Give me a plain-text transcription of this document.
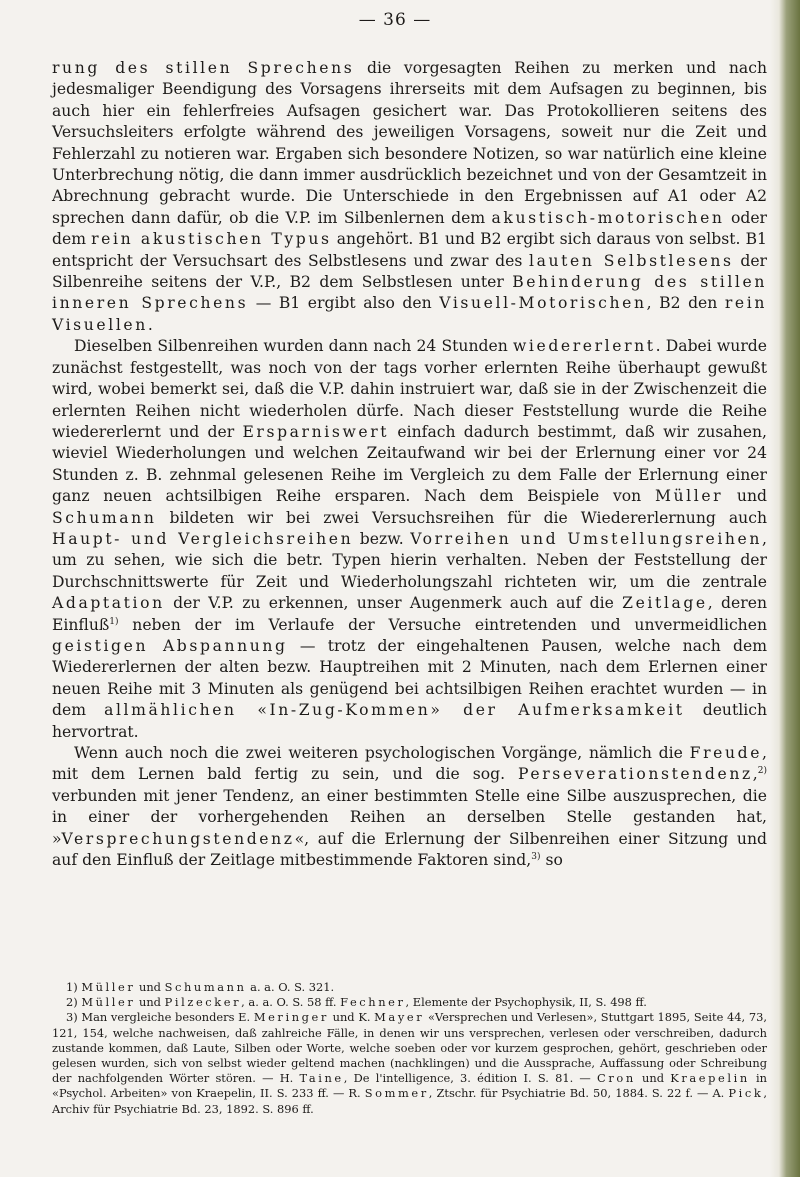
— 36 —

rung des stillen Sprechens die vorgesagten Reihen zu merken und nach jedesmaliger Beendigung des Vorsagens ihrerseits mit dem Aufsagen zu beginnen, bis auch hier ein fehlerfreies Aufsagen gesichert war. Das Protokollieren seitens des Versuchsleiters erfolgte während des jeweiligen Vorsagens, soweit nur die Zeit und Fehlerzahl zu notieren war. Ergaben sich besondere Notizen, so war natürlich eine kleine Unterbrechung nötig, die dann immer ausdrücklich bezeichnet und von der Gesamtzeit in Abrechnung gebracht wurde. Die Unterschiede in den Ergebnissen auf A1 oder A2 sprechen dann dafür, ob die V.P. im Silbenlernen dem akustisch-motorischen oder dem rein akustischen Typus angehört. B1 und B2 ergibt sich daraus von selbst. B1 entspricht der Versuchsart des Selbstlesens und zwar des lauten Selbstlesens der Silbenreihe seitens der V.P., B2 dem Selbstlesen unter Behinderung des stillen inneren Sprechens — B1 ergibt also den Visuell-Motorischen, B2 den rein Visuellen.

Dieselben Silbenreihen wurden dann nach 24 Stunden wiedererlernt. Dabei wurde zunächst festgestellt, was noch von der tags vorher erlernten Reihe überhaupt gewußt wird, wobei bemerkt sei, daß die V.P. dahin instruiert war, daß sie in der Zwischenzeit die erlernten Reihen nicht wiederholen dürfe. Nach dieser Feststellung wurde die Reihe wiedererlernt und der Ersparniswert einfach dadurch bestimmt, daß wir zusahen, wieviel Wiederholungen und welchen Zeitaufwand wir bei der Erlernung einer vor 24 Stunden z. B. zehnmal gelesenen Reihe im Vergleich zu dem Falle der Erlernung einer ganz neuen achtsilbigen Reihe ersparen. Nach dem Beispiele von Müller und Schumann bildeten wir bei zwei Versuchsreihen für die Wiedererlernung auch Haupt- und Vergleichsreihen bezw. Vorreihen und Umstellungsreihen, um zu sehen, wie sich die betr. Typen hierin verhalten. Neben der Feststellung der Durchschnittswerte für Zeit und Wiederholungszahl richteten wir, um die zentrale Adaptation der V.P. zu erkennen, unser Augenmerk auch auf die Zeitlage, deren Einfluß$^{1)}$ neben der im Verlaufe der Versuche eintretenden und unvermeidlichen geistigen Abspannung — trotz der eingehaltenen Pausen, welche nach dem Wiedererlernen der alten bezw. Hauptreihen mit 2 Minuten, nach dem Erlernen einer neuen Reihe mit 3 Minuten als genügend bei achtsilbigen Reihen erachtet wurden — in dem allmählichen «In-Zug-Kommen» der Aufmerksamkeit deutlich hervortrat.

Wenn auch noch die zwei weiteren psychologischen Vorgänge, nämlich die Freude, mit dem Lernen bald fertig zu sein, und die sog. Perseverationstendenz,$^{2)}$ verbunden mit jener Tendenz, an einer bestimmten Stelle eine Silbe auszusprechen, die in einer der vorhergehenden Reihen an derselben Stelle gestanden hat, »Versprechungstendenz«, auf die Erlernung der Silbenreihen einer Sitzung und auf den Einfluß der Zeitlage mitbestimmende Faktoren sind,$^{3)}$ so

1) Müller und Schumann a. a. O. S. 321.

2) Müller und Pilzecker, a. a. O. S. 58 ff. Fechner, Elemente der Psychophysik, II, S. 498 ff.

3) Man vergleiche besonders E. Meringer und K. Mayer «Versprechen und Verlesen», Stuttgart 1895, Seite 44, 73, 121, 154, welche nachweisen, daß zahlreiche Fälle, in denen wir uns versprechen, verlesen oder verschreiben, dadurch zustande kommen, daß Laute, Silben oder Worte, welche soeben oder vor kurzem gesprochen, gehört, geschrieben oder gelesen wurden, sich von selbst wieder geltend machen (nachklingen) und die Aussprache, Auffassung oder Schreibung der nachfolgenden Wörter stören. — H. Taine, De l'intelligence, 3. édition I. S. 81. — Cron und Kraepelin in «Psychol. Arbeiten» von Kraepelin, II. S. 233 ff. — R. Sommer, Ztschr. für Psychiatrie Bd. 50, 1884. S. 22 f. — A. Pick, Archiv für Psychiatrie Bd. 23, 1892. S. 896 ff.
